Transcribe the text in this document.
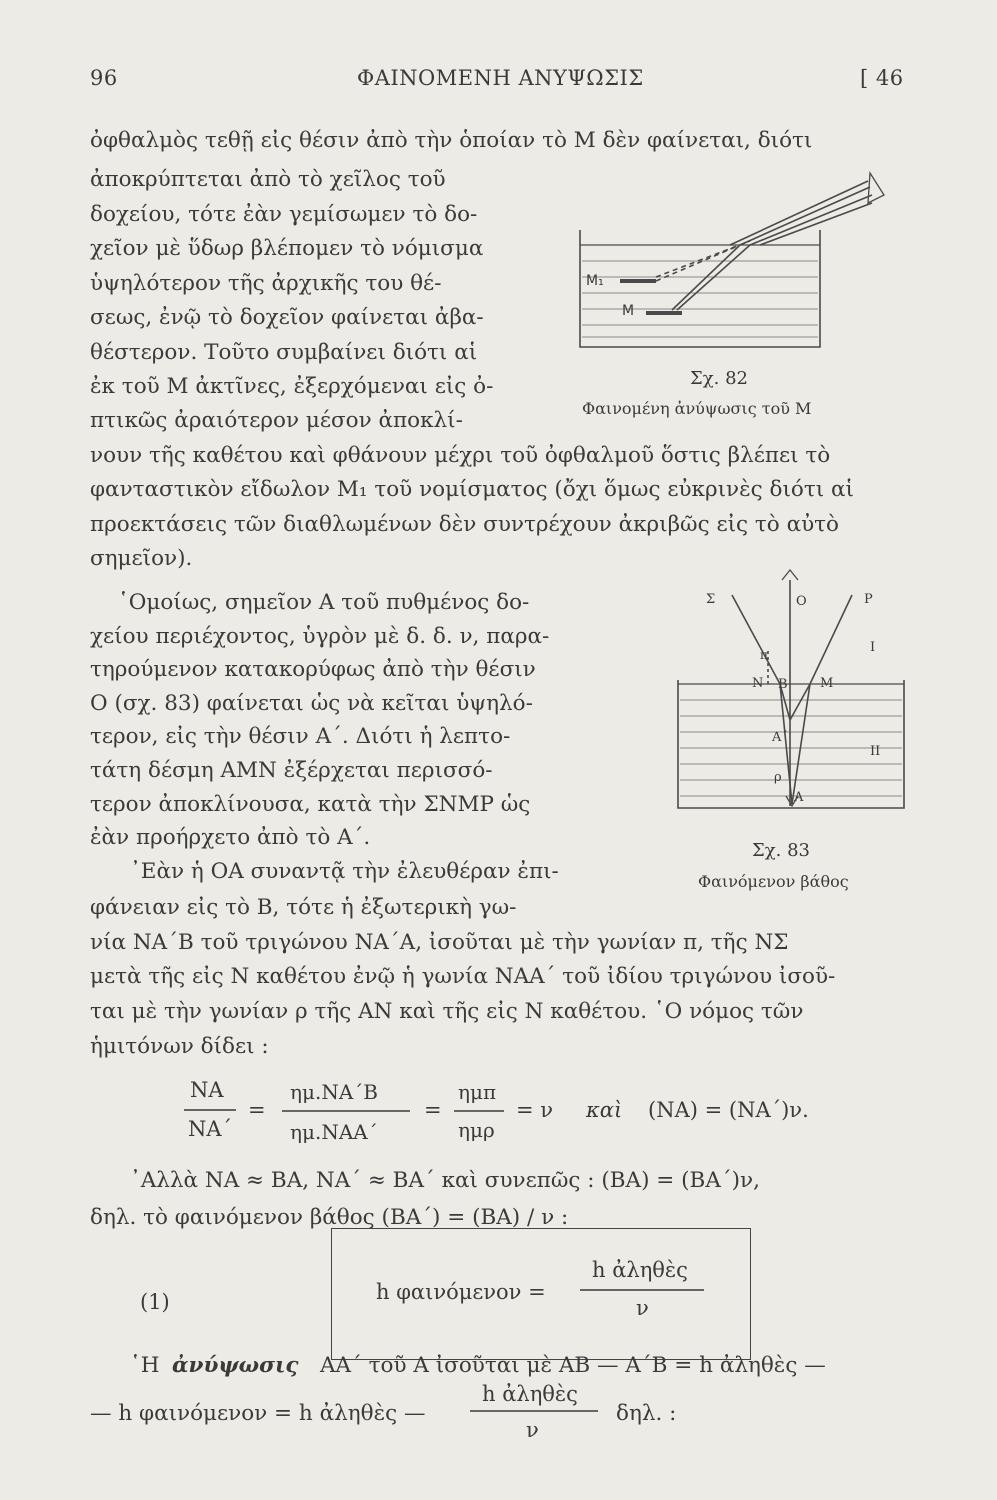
96	ΦΑΙΝΟΜΕΝΗ ΑΝΥΨΩΣΙΣ	[ 46
ὀφθαλμὸς τεθῇ εἰς θέσιν ἀπὸ τὴν ὁποίαν τὸ Μ δὲν φαίνεται, διότι
ἀποκρύπτεται ἀπὸ τὸ χεῖλος τοῦ
δοχείου, τότε ἐὰν γεμίσωμεν τὸ δο-
χεῖον μὲ ὕδωρ βλέπομεν τὸ νόμισμα
ὑψηλότερον τῆς ἀρχικῆς του θέ-
σεως, ἐνῷ τὸ δοχεῖον φαίνεται ἀβα-
θέστερον. Τοῦτο συμβαίνει διότι αἱ
ἐκ τοῦ Μ ἀκτῖνες, ἐξερχόμεναι εἰς ὀ-
πτικῶς ἀραιότερον μέσον ἀποκλί-
νουν τῆς καθέτου καὶ φθάνουν μέχρι τοῦ ὀφθαλμοῦ ὅστις βλέπει τὸ
φανταστικὸν εἴδωλον Μ₁ τοῦ νομίσματος (ὄχι ὅμως εὐκρινὲς διότι αἱ
προεκτάσεις τῶν διαθλωμένων δὲν συντρέχουν ἀκριβῶς εἰς τὸ αὐτὸ
σημεῖον).
῾Ομοίως, σημεῖον Α τοῦ πυθμένος δο-
χείου περιέχοντος, ὑγρὸν μὲ δ. δ. ν, παρα-
τηρούμενον κατακορύφως ἀπὸ τὴν θέσιν
Ο (σχ. 83) φαίνεται ὡς νὰ κεῖται ὑψηλό-
τερον, εἰς τὴν θέσιν Α΄. Διότι ἡ λεπτο-
τάτη δέσμη ΑΜΝ ἐξέρχεται περισσό-
τερον ἀποκλίνουσα, κατὰ τὴν ΣΝΜΡ ὡς
ἐὰν προήρχετο ἀπὸ τὸ Α΄.
᾿Εὰν ἡ ΟΑ συναντᾷ τὴν ἐλευθέραν ἐπι-
φάνειαν εἰς τὸ Β, τότε ἡ ἐξωτερικὴ γω-
νία ΝΑ΄Β τοῦ τριγώνου ΝΑ΄Α, ἰσοῦται μὲ τὴν γωνίαν π, τῆς ΝΣ
μετὰ τῆς εἰς Ν καθέτου ἐνῷ ἡ γωνία ΝΑΑ΄ τοῦ ἰδίου τριγώνου ἰσοῦ-
ται μὲ τὴν γωνίαν ρ τῆς ΑΝ καὶ τῆς εἰς Ν καθέτου. ῾Ο νόμος τῶν
ἡμιτόνων δίδει :
᾿Αλλὰ ΝΑ ≈ ΒΑ, ΝΑ΄ ≈ ΒΑ΄ καὶ συνεπῶς : (ΒΑ) = (ΒΑ΄)ν,
δηλ. τὸ φαινόμενον βάθος (ΒΑ΄) = (ΒΑ) / ν :
Μ₁
Μ
Σχ. 82
Φαινομένη ἀνύψωσις τοῦ Μ
Σ	Ο	Ρ
Ι
π
Ν Β Μ
Α΄
ρ
ΙΙ
Α
Σχ. 83
Φαινόμενον βάθος
ΝΑ
ΝΑ΄
=
ημ.ΝΑ΄Β
ημ.ΝΑΑ΄
=
ημπ
ημρ
= ν καὶ (ΝΑ) = (ΝΑ΄)ν.
(1)	h φαινόμενον =
h ἀληθὲς
ν
῾Η ἀνύψωσις ΑΑ΄ τοῦ Α ἰσοῦται μὲ ΑΒ — Α΄Β = h ἀληθὲς —
— h φαινόμενον = h ἀληθὲς —
h ἀληθὲς
ν
δηλ. :
